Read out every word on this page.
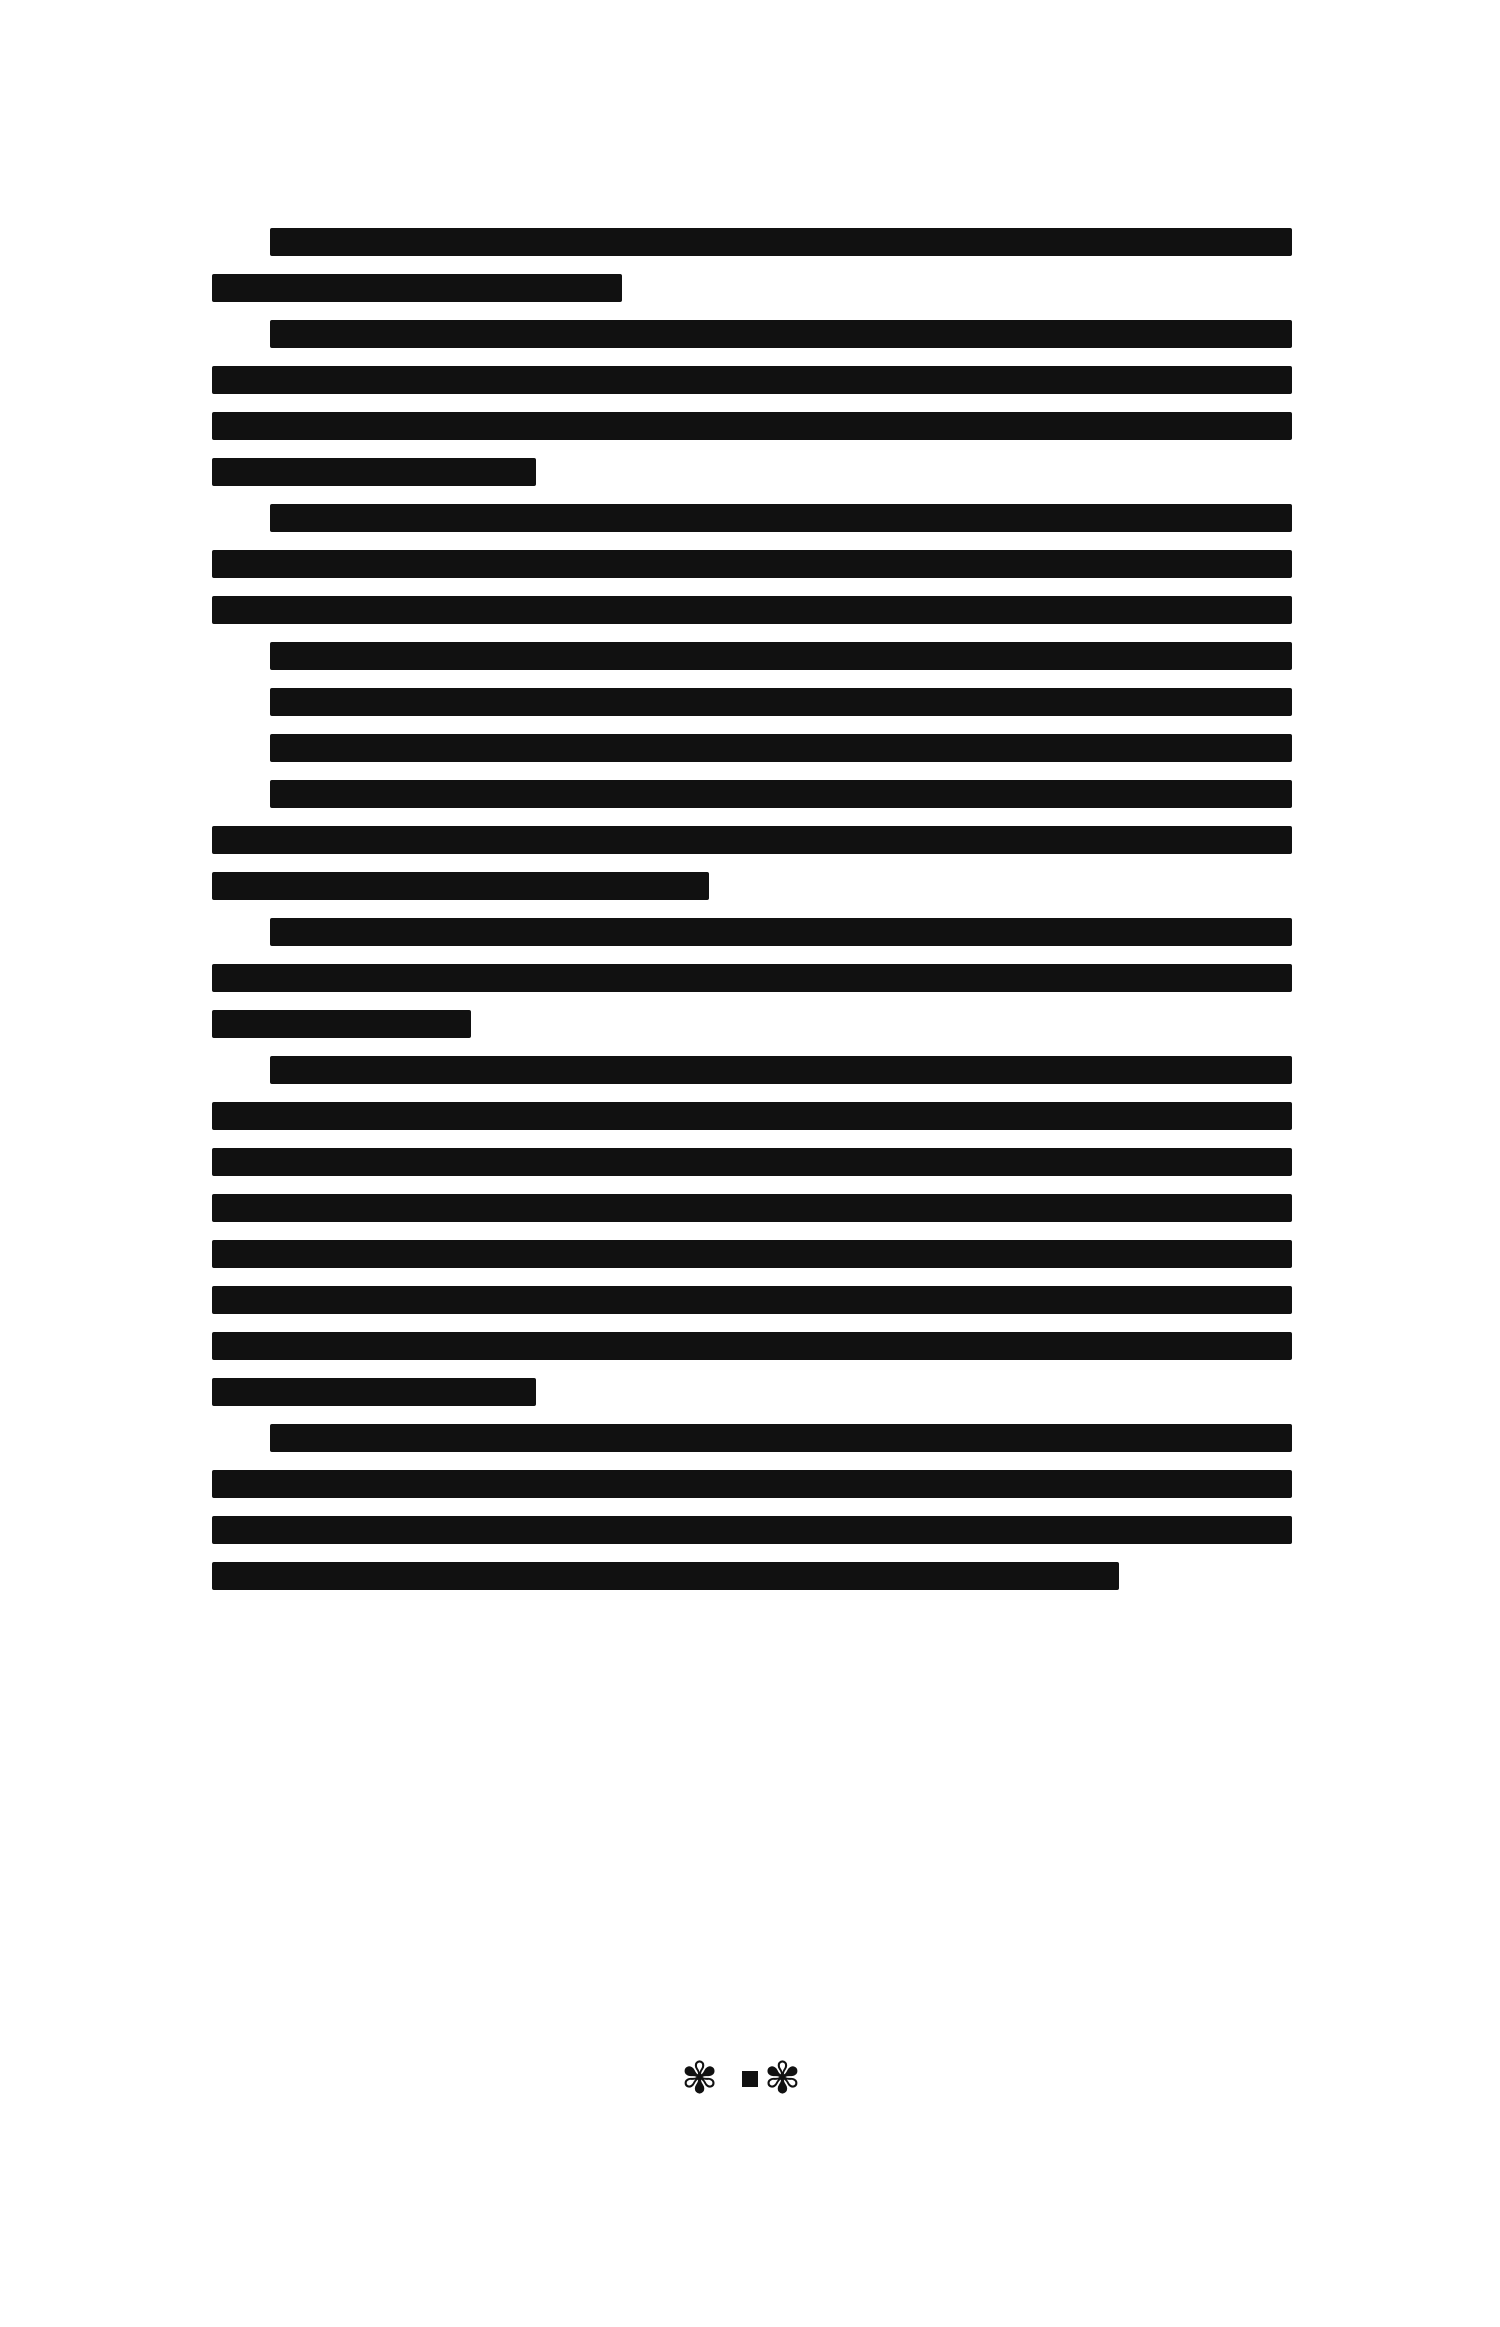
✾ ✾
